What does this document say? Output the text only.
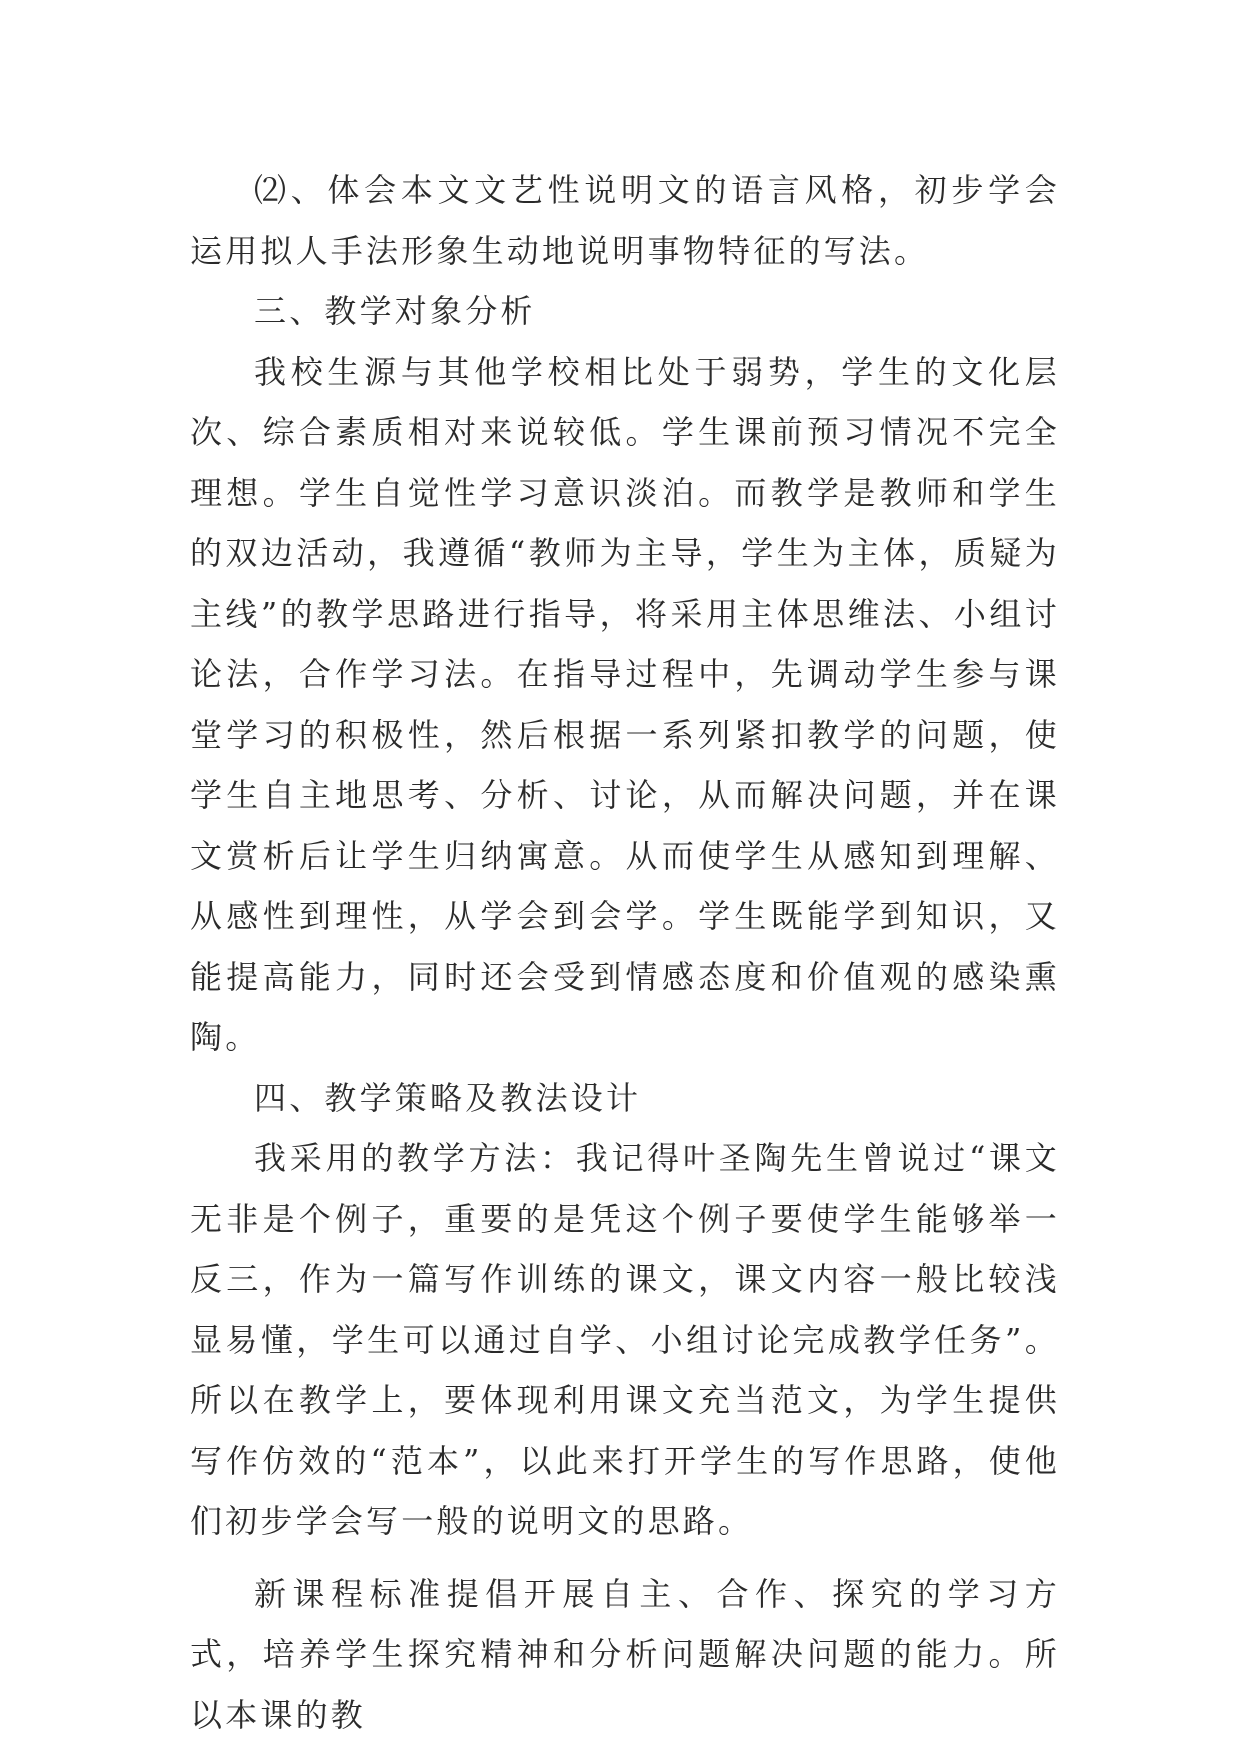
⑵、体会本文文艺性说明文的语言风格，初步学会运用拟人手法形象生动地说明事物特征的写法。

三、教学对象分析

我校生源与其他学校相比处于弱势，学生的文化层次、综合素质相对来说较低。学生课前预习情况不完全理想。学生自觉性学习意识淡泊。而教学是教师和学生的双边活动，我遵循“教师为主导，学生为主体，质疑为主线”的教学思路进行指导，将采用主体思维法、小组讨论法，合作学习法。在指导过程中，先调动学生参与课堂学习的积极性，然后根据一系列紧扣教学的问题，使学生自主地思考、分析、讨论，从而解决问题，并在课文赏析后让学生归纳寓意。从而使学生从感知到理解、从感性到理性，从学会到会学。学生既能学到知识，又能提高能力，同时还会受到情感态度和价值观的感染熏陶。

四、教学策略及教法设计

我采用的教学方法：我记得叶圣陶先生曾说过“课文无非是个例子，重要的是凭这个例子要使学生能够举一反三，作为一篇写作训练的课文，课文内容一般比较浅显易懂，学生可以通过自学、小组讨论完成教学任务”。所以在教学上，要体现利用课文充当范文，为学生提供写作仿效的“范本”，以此来打开学生的写作思路，使他们初步学会写一般的说明文的思路。

新课程标准提倡开展自主、合作、探究的学习方式，培养学生探究精神和分析问题解决问题的能力。所以本课的教
